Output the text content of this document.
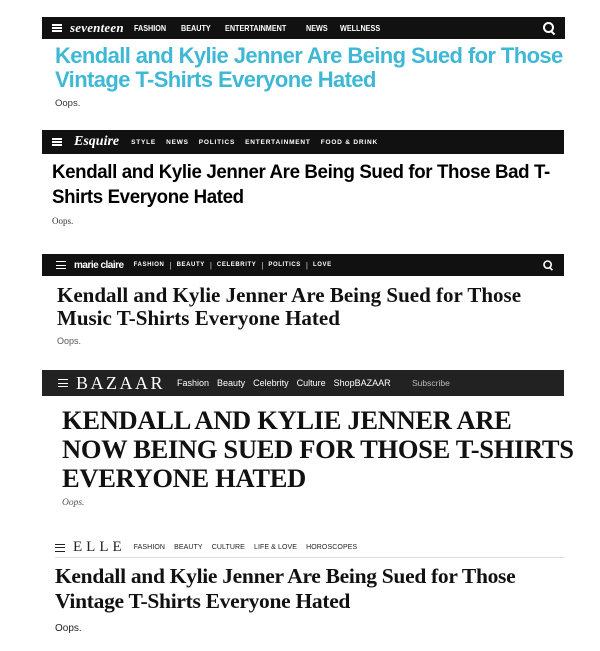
seventeen FASHION BEAUTY ENTERTAINMENT NEWS WELLNESS
Kendall and Kylie Jenner Are Being Sued for Those Vintage T-Shirts Everyone Hated

Oops.

Esquire STYLE NEWS POLITICS ENTERTAINMENT FOOD & DRINK
Kendall and Kylie Jenner Are Being Sued for Those Bad T-Shirts Everyone Hated

Oops.

marie claire FASHION | BEAUTY | CELEBRITY | POLITICS | LOVE
Kendall and Kylie Jenner Are Being Sued for Those Music T-Shirts Everyone Hated

Oops.

BAZAAR Fashion Beauty Celebrity Culture ShopBAZAAR	Subscribe
KENDALL AND KYLIE JENNER ARE NOW BEING SUED FOR THOSE T-SHIRTS EVERYONE HATED

Oops.

ELLE FASHION BEAUTY CULTURE LIFE & LOVE HOROSCOPES
Kendall and Kylie Jenner Are Being Sued for Those Vintage T-Shirts Everyone Hated

Oops.
